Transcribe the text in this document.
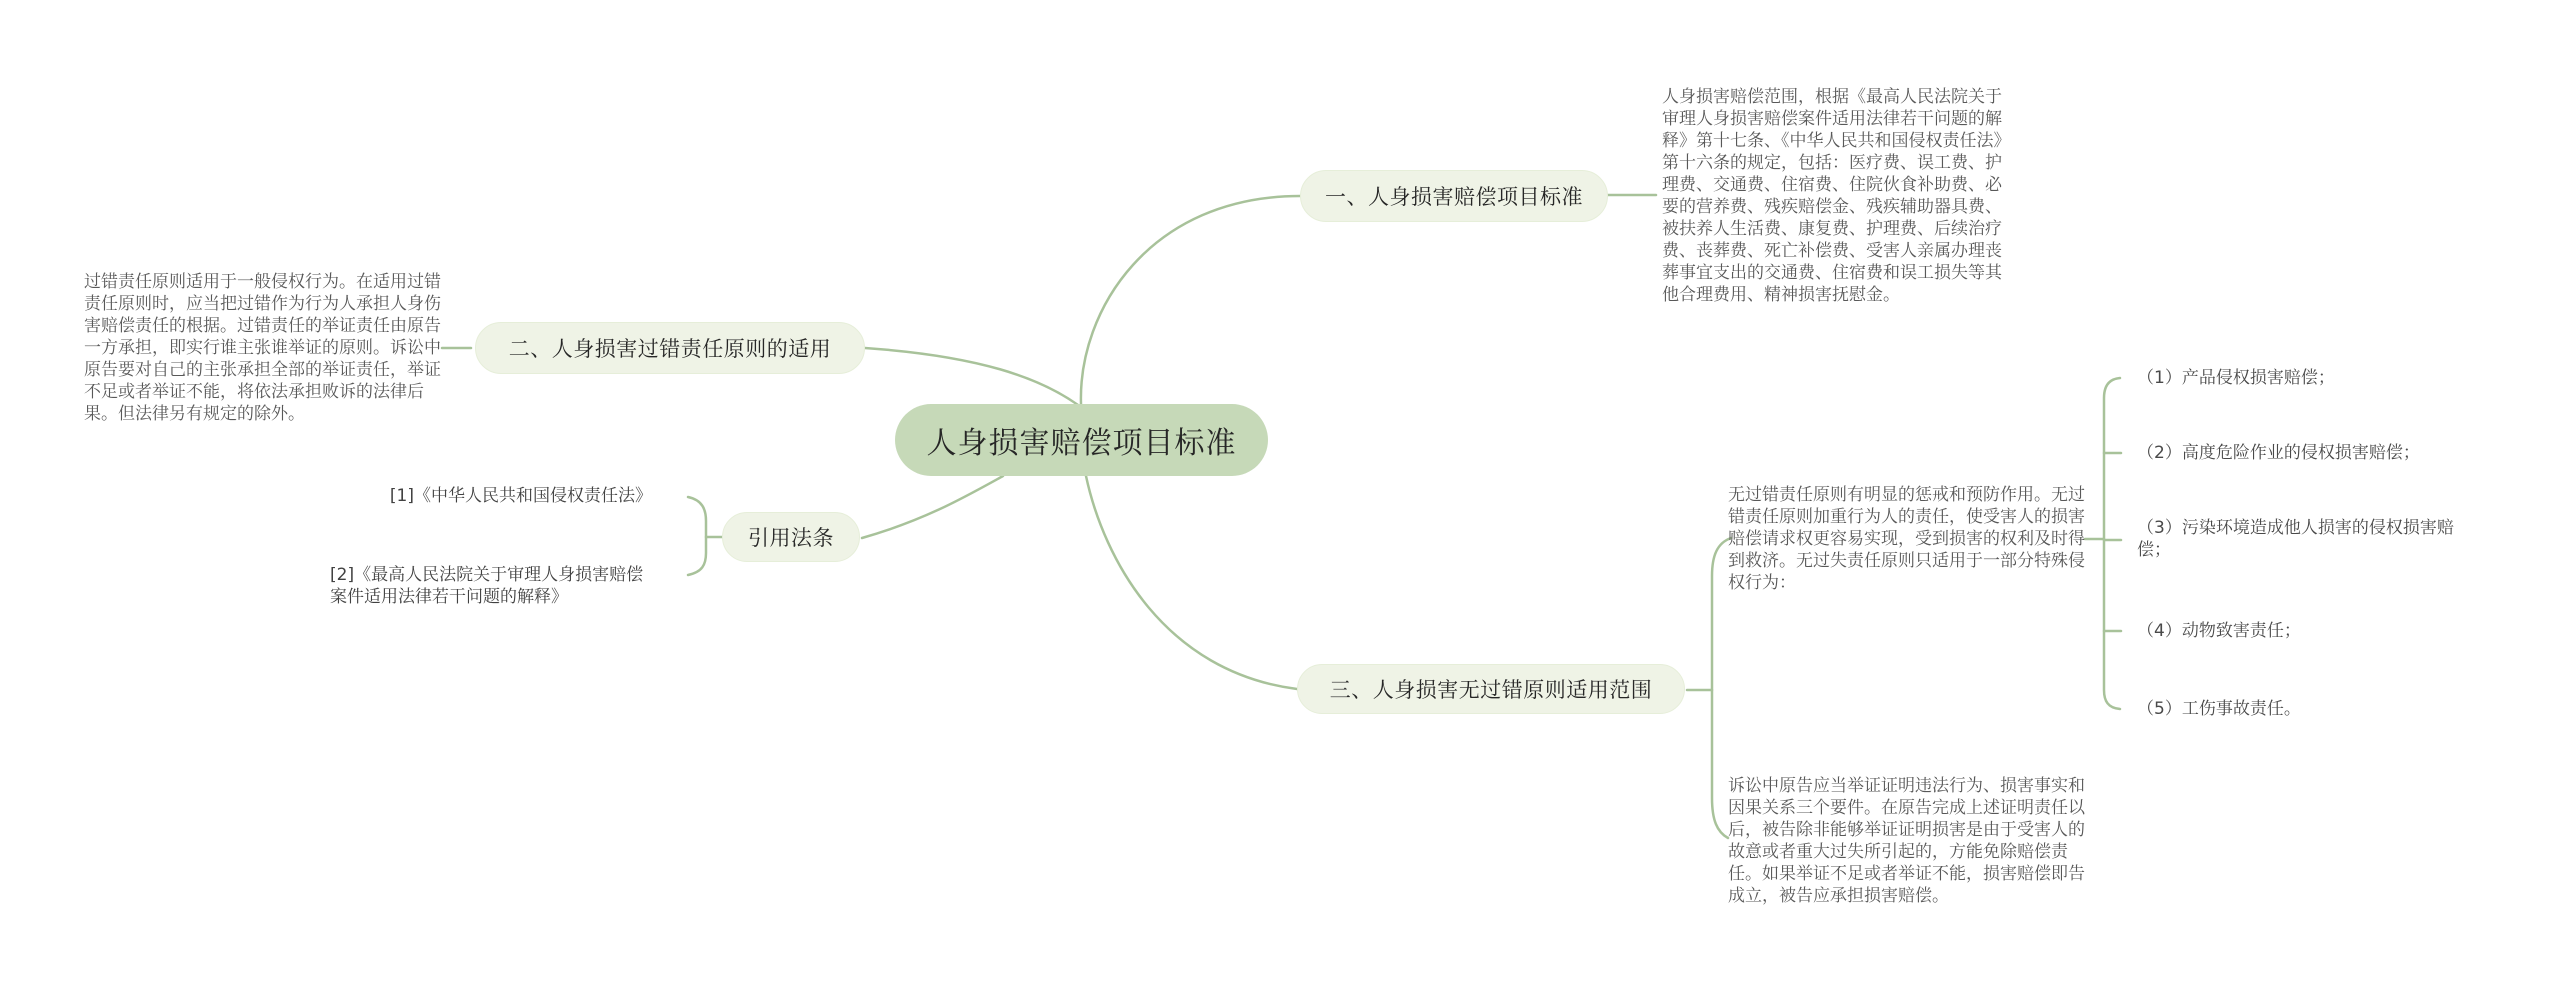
人身损害赔偿项目标准
一、人身损害赔偿项目标准
人身损害赔偿范围，根据《最高人民法院关于审理人身损害赔偿案件适用法律若干问题的解释》第十七条、《中华人民共和国侵权责任法》第十六条的规定，包括：医疗费、误工费、护理费、交通费、住宿费、住院伙食补助费、必要的营养费、残疾赔偿金、残疾辅助器具费、被扶养人生活费、康复费、护理费、后续治疗费、丧葬费、死亡补偿费、受害人亲属办理丧葬事宜支出的交通费、住宿费和误工损失等其他合理费用、精神损害抚慰金。
二、人身损害过错责任原则的适用
过错责任原则适用于一般侵权行为。在适用过错责任原则时，应当把过错作为行为人承担人身伤害赔偿责任的根据。过错责任的举证责任由原告一方承担，即实行谁主张谁举证的原则。诉讼中原告要对自己的主张承担全部的举证责任，举证不足或者举证不能，将依法承担败诉的法律后果。但法律另有规定的除外。
引用法条
[1]《中华人民共和国侵权责任法》
[2]《最高人民法院关于审理人身损害赔偿案件适用法律若干问题的解释》
三、人身损害无过错原则适用范围
无过错责任原则有明显的惩戒和预防作用。无过错责任原则加重行为人的责任，使受害人的损害赔偿请求权更容易实现，受到损害的权利及时得到救济。无过失责任原则只适用于一部分特殊侵权行为：
诉讼中原告应当举证证明违法行为、损害事实和因果关系三个要件。在原告完成上述证明责任以后，被告除非能够举证证明损害是由于受害人的故意或者重大过失所引起的，方能免除赔偿责任。如果举证不足或者举证不能，损害赔偿即告成立，被告应承担损害赔偿。
（1）产品侵权损害赔偿；
（2）高度危险作业的侵权损害赔偿；
（3）污染环境造成他人损害的侵权损害赔偿；
（4）动物致害责任；
（5）工伤事故责任。
